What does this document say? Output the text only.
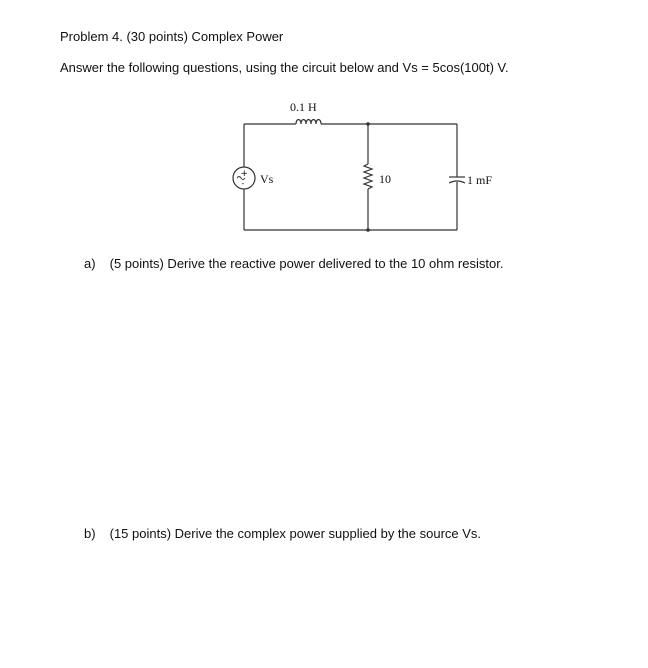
Problem 4. (30 points) Complex Power
Answer the following questions, using the circuit below and Vs = 5cos(100t) V.
+
-
0.1 H
Vs	10	1 mF
a) (5 points) Derive the reactive power delivered to the 10 ohm resistor.
b) (15 points) Derive the complex power supplied by the source Vs.
